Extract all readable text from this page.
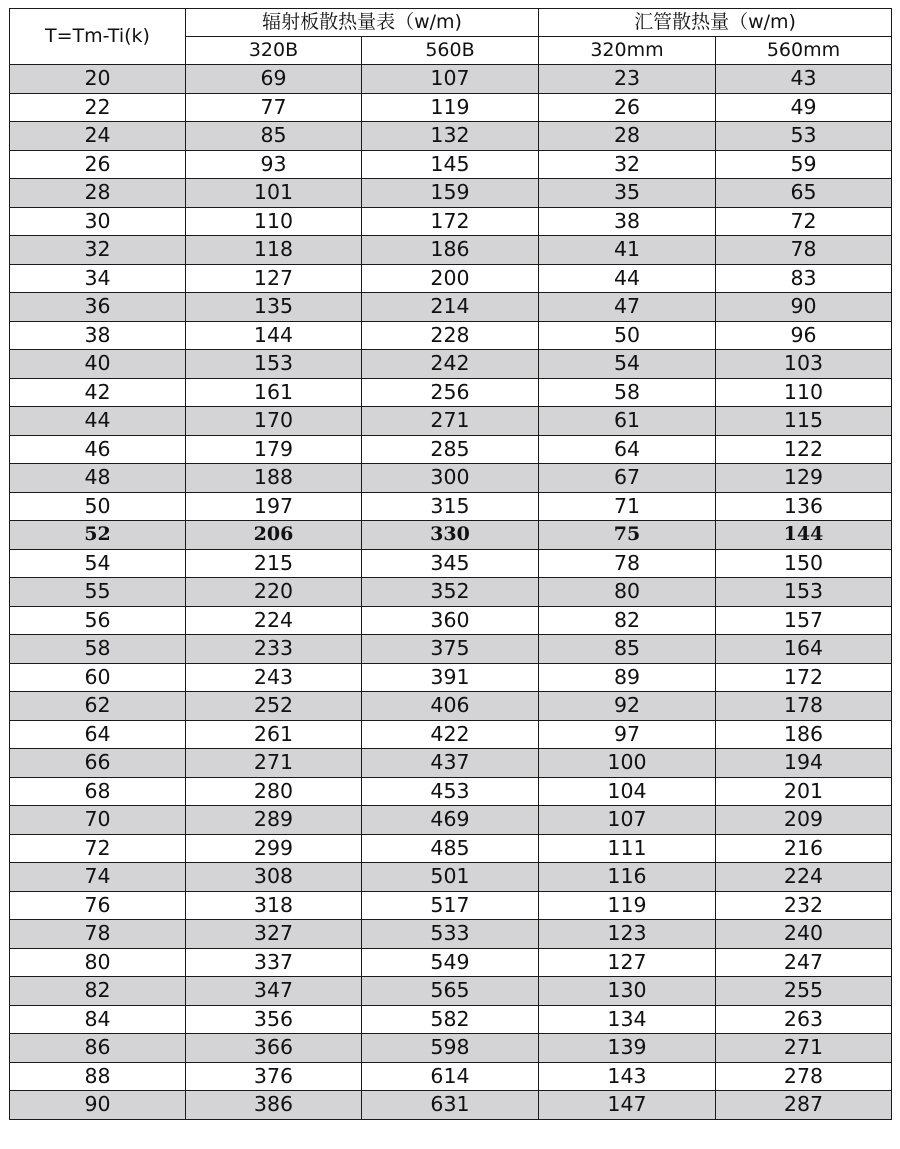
T=Tm-Ti(k)	辐射板散热量表（w/m)		汇管散热量（w/m)	
	320B	560B	320mm	560mm
20	69	107	23	43
22	77	119	26	49
24	85	132	28	53
26	93	145	32	59
28	101	159	35	65
30	110	172	38	72
32	118	186	41	78
34	127	200	44	83
36	135	214	47	90
38	144	228	50	96
40	153	242	54	103
42	161	256	58	110
44	170	271	61	115
46	179	285	64	122
48	188	300	67	129
50	197	315	71	136
52	206	330	75	144
54	215	345	78	150
55	220	352	80	153
56	224	360	82	157
58	233	375	85	164
60	243	391	89	172
62	252	406	92	178
64	261	422	97	186
66	271	437	100	194
68	280	453	104	201
70	289	469	107	209
72	299	485	111	216
74	308	501	116	224
76	318	517	119	232
78	327	533	123	240
80	337	549	127	247
82	347	565	130	255
84	356	582	134	263
86	366	598	139	271
88	376	614	143	278
90	386	631	147	287
